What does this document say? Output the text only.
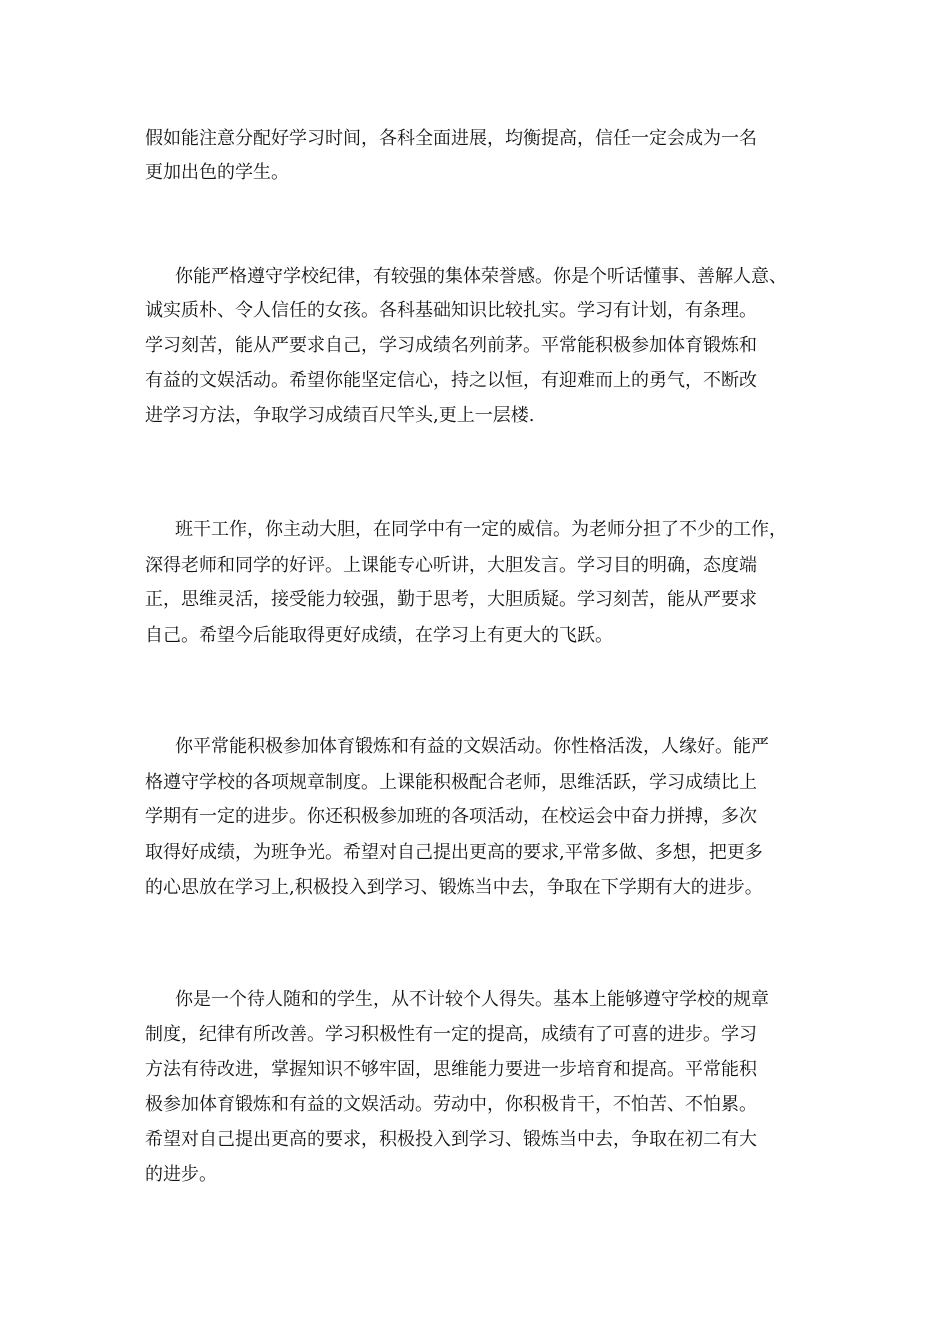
假如能注意分配好学习时间，各科全面进展，均衡提高，信任一定会成为一名
更加出色的学生。
你能严格遵守学校纪律，有较强的集体荣誉感。你是个听话懂事、善解人意、
诚实质朴、令人信任的女孩。各科基础知识比较扎实。学习有计划，有条理。
学习刻苦，能从严要求自己，学习成绩名列前茅。平常能积极参加体育锻炼和
有益的文娱活动。希望你能坚定信心，持之以恒，有迎难而上的勇气，不断改
进学习方法，争取学习成绩百尺竿头,更上一层楼.
班干工作，你主动大胆，在同学中有一定的威信。为老师分担了不少的工作，
深得老师和同学的好评。上课能专心听讲，大胆发言。学习目的明确，态度端
正，思维灵活，接受能力较强，勤于思考，大胆质疑。学习刻苦，能从严要求
自己。希望今后能取得更好成绩，在学习上有更大的飞跃。
你平常能积极参加体育锻炼和有益的文娱活动。你性格活泼，人缘好。能严
格遵守学校的各项规章制度。上课能积极配合老师，思维活跃，学习成绩比上
学期有一定的进步。你还积极参加班的各项活动，在校运会中奋力拼搏，多次
取得好成绩，为班争光。希望对自己提出更高的要求,平常多做、多想，把更多
的心思放在学习上,积极投入到学习、锻炼当中去，争取在下学期有大的进步。
你是一个待人随和的学生，从不计较个人得失。基本上能够遵守学校的规章
制度，纪律有所改善。学习积极性有一定的提高，成绩有了可喜的进步。学习
方法有待改进，掌握知识不够牢固，思维能力要进一步培育和提高。平常能积
极参加体育锻炼和有益的文娱活动。劳动中，你积极肯干，不怕苦、不怕累。
希望对自己提出更高的要求，积极投入到学习、锻炼当中去，争取在初二有大
的进步。
